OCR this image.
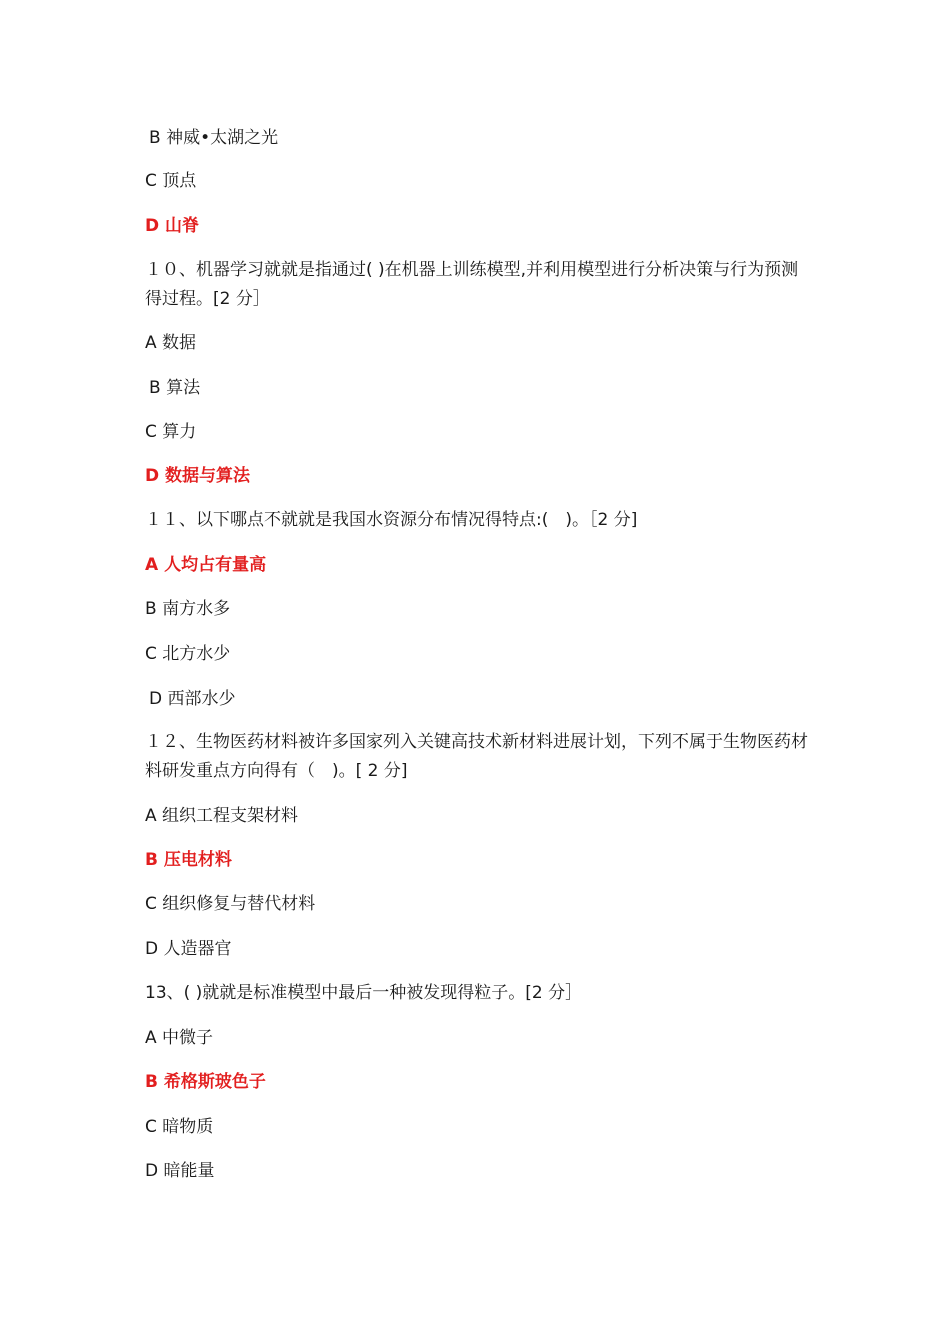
B 神威•太湖之光
C 顶点
D 山脊
１０、机器学习就就是指通过( )在机器上训练模型,并利用模型进行分析决策与行为预测得过程。[2 分］
A 数据
B 算法
C 算力
D 数据与算法
１１、以下哪点不就就是我国水资源分布情况得特点:(　)。［2 分]
A 人均占有量高
B 南方水多
C 北方水少
D 西部水少
１２、生物医药材料被许多国家列入关键高技术新材料进展计划，下列不属于生物医药材料研发重点方向得有（　)。[ 2 分]
A 组织工程支架材料
B 压电材料
C 组织修复与替代材料
D 人造器官
13、( )就就是标准模型中最后一种被发现得粒子。[2 分］
A 中微子
B 希格斯玻色子
C 暗物质
D 暗能量
